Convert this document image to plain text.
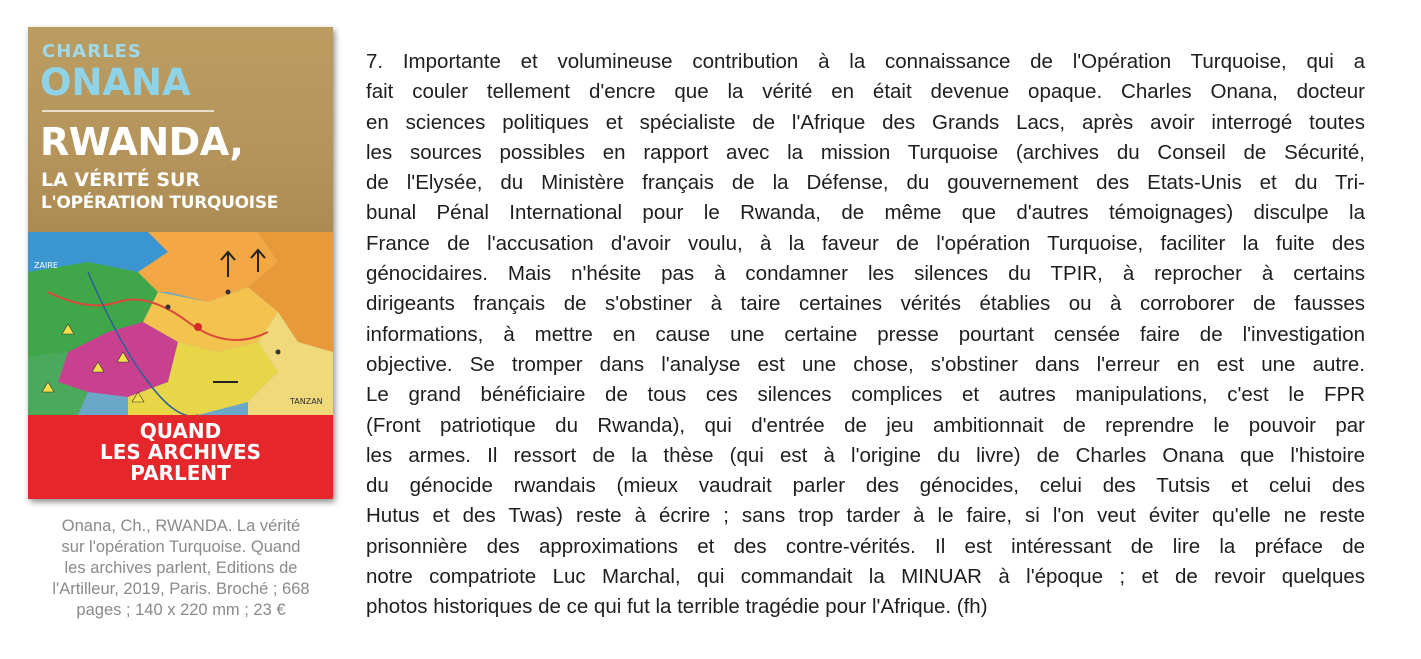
CHARLES
ONANA
RWANDA,
LA VÉRITÉ SUR
L'OPÉRATION TURQUOISE
ZAIRE
TANZAN
QUAND
LES ARCHIVES
PARLENT
Onana, Ch., RWANDA. La vérité
sur l'opération Turquoise. Quand
les archives parlent, Editions de
l'Artilleur, 2019, Paris. Broché ; 668
pages ; 140 x 220 mm ; 23 €
7. Importante et volumineuse contribution à la connaissance de l'Opération Turquoise, qui a
fait couler tellement d'encre que la vérité en était devenue opaque. Charles Onana, docteur
en sciences politiques et spécialiste de l'Afrique des Grands Lacs, après avoir interrogé toutes
les sources possibles en rapport avec la mission Turquoise (archives du Conseil de Sécurité,
de l'Elysée, du Ministère français de la Défense, du gouvernement des Etats-Unis et du Tri-
bunal Pénal International pour le Rwanda, de même que d'autres témoignages) disculpe la
France de l'accusation d'avoir voulu, à la faveur de l'opération Turquoise, faciliter la fuite des
génocidaires. Mais n'hésite pas à condamner les silences du TPIR, à reprocher à certains
dirigeants français de s'obstiner à taire certaines vérités établies ou à corroborer de fausses
informations, à mettre en cause une certaine presse pourtant censée faire de l'investigation
objective. Se tromper dans l'analyse est une chose, s'obstiner dans l'erreur en est une autre.
Le grand bénéficiaire de tous ces silences complices et autres manipulations, c'est le FPR
(Front patriotique du Rwanda), qui d'entrée de jeu ambitionnait de reprendre le pouvoir par
les armes. Il ressort de la thèse (qui est à l'origine du livre) de Charles Onana que l'histoire
du génocide rwandais (mieux vaudrait parler des génocides, celui des Tutsis et celui des
Hutus et des Twas) reste à écrire ; sans trop tarder à le faire, si l'on veut éviter qu'elle ne reste
prisonnière des approximations et des contre-vérités. Il est intéressant de lire la préface de
notre compatriote Luc Marchal, qui commandait la MINUAR à l'époque ; et de revoir quelques
photos historiques de ce qui fut la terrible tragédie pour l'Afrique. (fh)
